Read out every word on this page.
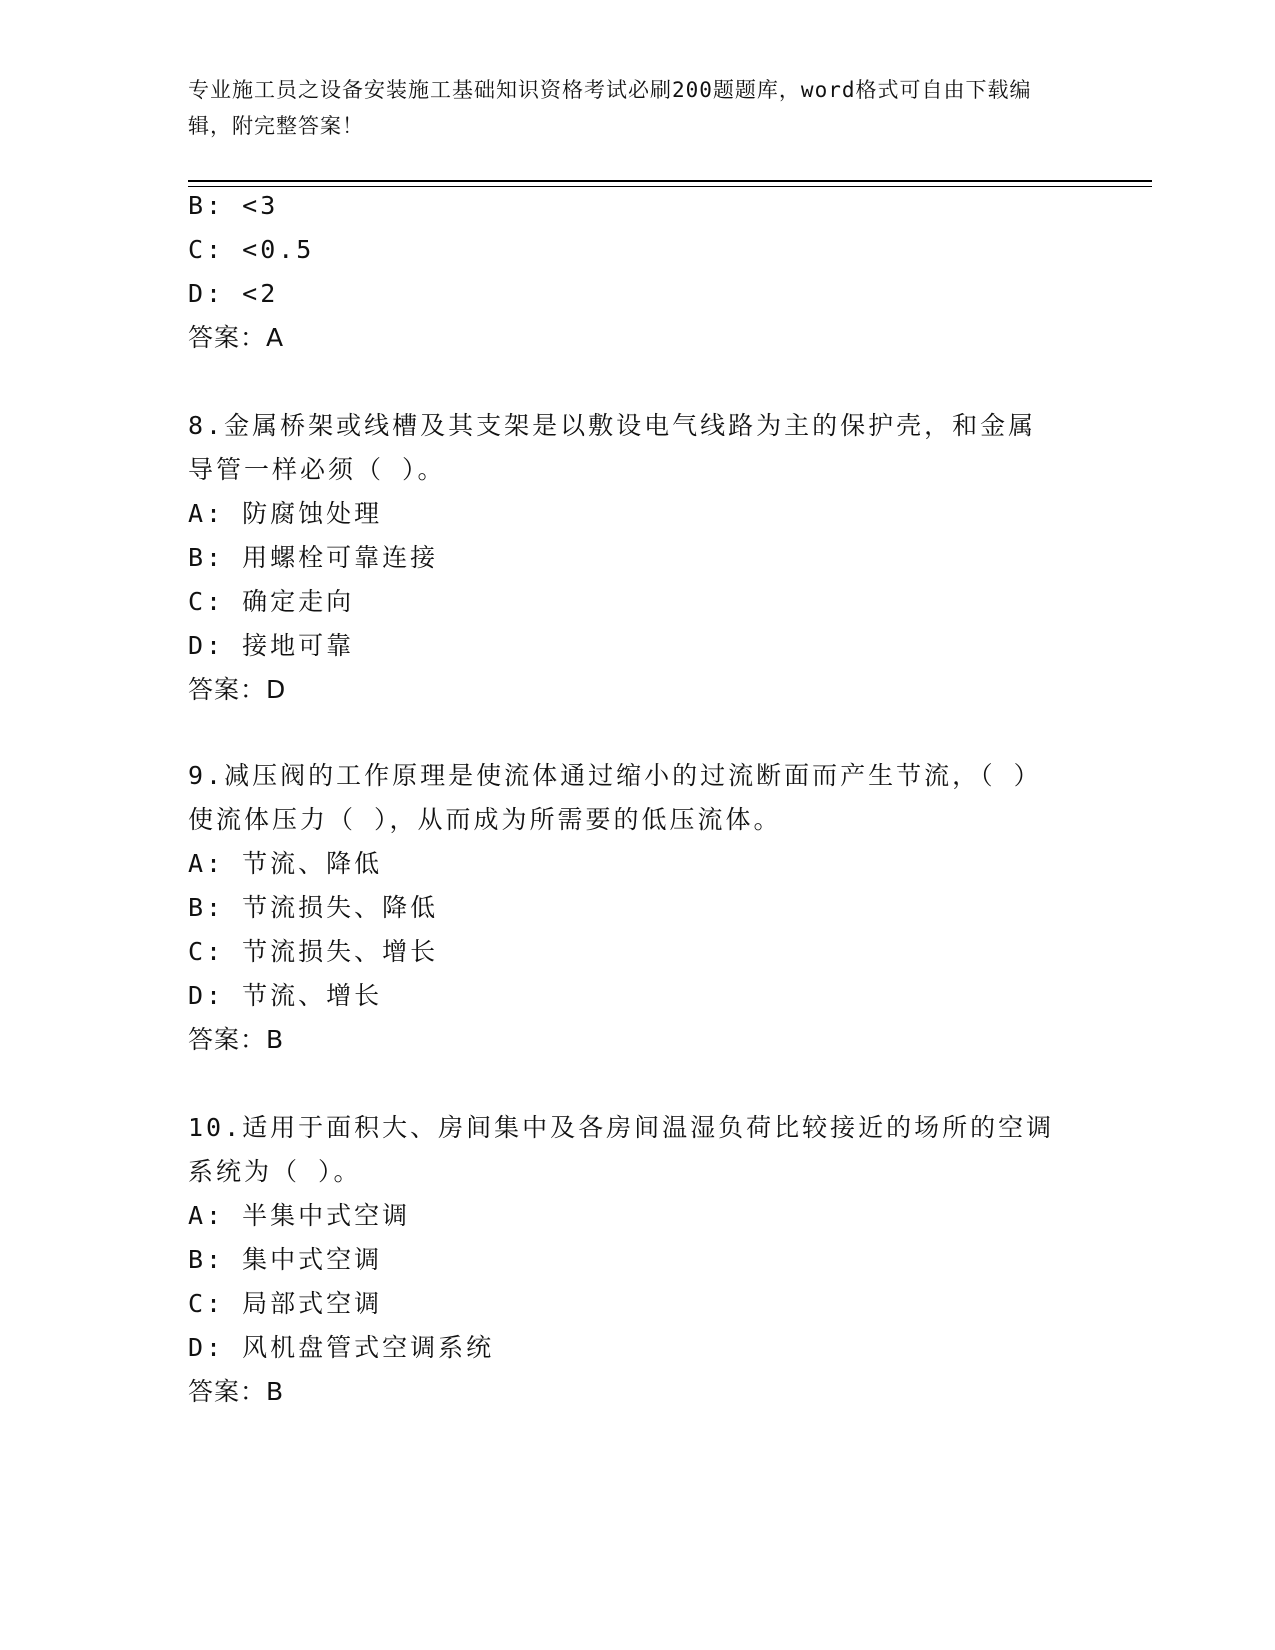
专业施工员之设备安装施工基础知识资格考试必刷200题题库，word格式可自由下载编辑，附完整答案！
B: <3
C: <0.5
D: <2
答案：A
8.金属桥架或线槽及其支架是以敷设电气线路为主的保护壳，和金属
导管一样必须（ ）。
A: 防腐蚀处理
B: 用螺栓可靠连接
C: 确定走向
D: 接地可靠
答案：D
9.减压阀的工作原理是使流体通过缩小的过流断面而产生节流，（ ）
使流体压力（ ），从而成为所需要的低压流体。
A: 节流、降低
B: 节流损失、降低
C: 节流损失、增长
D: 节流、增长
答案：B
10.适用于面积大、房间集中及各房间温湿负荷比较接近的场所的空调
系统为（ ）。
A: 半集中式空调
B: 集中式空调
C: 局部式空调
D: 风机盘管式空调系统
答案：B
